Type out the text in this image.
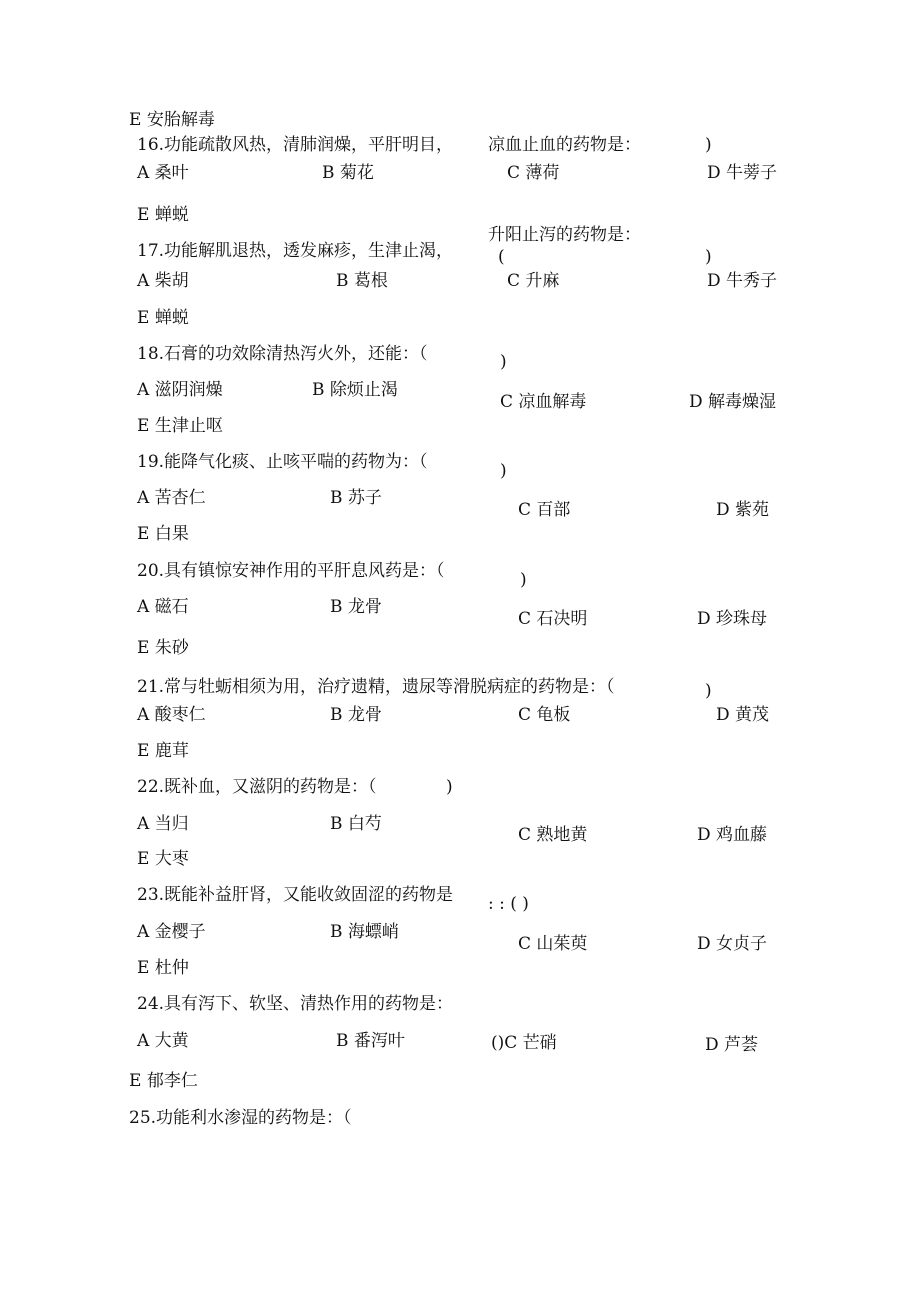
E 安胎解毒
16.功能疏散风热，清肺润燥，平肝明目， 凉血止血的药物是：	)
A 桑叶	B 菊花	C 薄荷	D 牛蒡子
E 蝉蜕
升阳止泻的药物是：
17.功能解肌退热，透发麻疹，生津止渴，	(	)
A 柴胡	B 葛根	C 升麻	D 牛秀子
E 蝉蜕
18.石膏的功效除清热泻火外，还能：（	)
A 滋阴润燥	B 除烦止渴
C 凉血解毒	D 解毒燥湿
E 生津止呕
19.能降气化痰、止咳平喘的药物为：（	)
A 苦杏仁	B 苏子
C 百部	D 紫苑
E 白果
20.具有镇惊安神作用的平肝息风药是：（	)
A 磁石	B 龙骨
C 石决明	D 珍珠母
E 朱砂
21.常与牡蛎相须为用，治疗遗精，遗尿等滑脱病症的药物是：（	)
A 酸枣仁	B 龙骨	C 龟板	D 黄茂
E 鹿茸
22.既补血，又滋阴的药物是：（	)
A 当归	B 白芍
C 熟地黄	D 鸡血藤
E 大枣
23.既能补益肝肾，又能收敛固涩的药物是 : : ( )
A 金樱子	B 海螵峭
C 山茱萸	D 女贞子
E 杜仲
24.具有泻下、软坚、清热作用的药物是：
A 大黄	B 番泻叶	()C 芒硝	D 芦荟
E 郁李仁
25.功能利水渗湿的药物是：（
